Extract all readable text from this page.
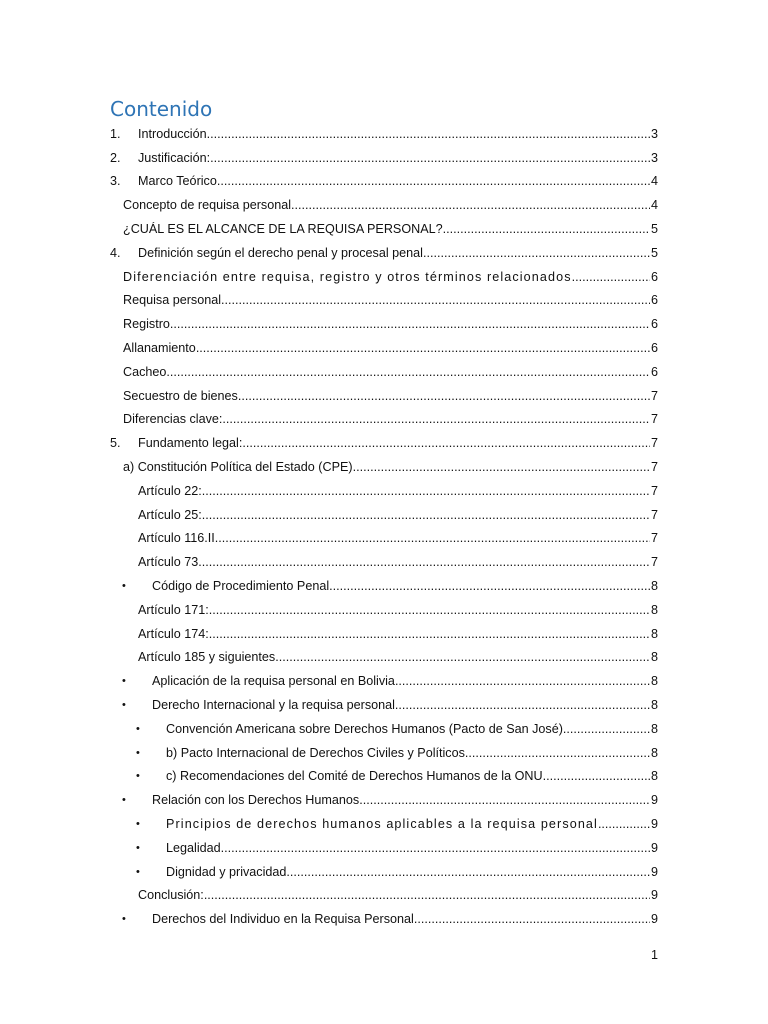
Contenido
1. Introducción .....	3
2. Justificación: .....	3
3. Marco Teórico .....	4
Concepto de requisa personal .....	4
¿CUÁL ES EL ALCANCE DE LA REQUISA PERSONAL? .....	5
4. Definición según el derecho penal y procesal penal .....	5
Diferenciación entre requisa, registro y otros términos relacionados .....	6
Requisa personal .....	6
Registro .....	6
Allanamiento .....	6
Cacheo .....	6
Secuestro de bienes .....	7
Diferencias clave: .....	7
5. Fundamento legal: .....	7
a) Constitución Política del Estado (CPE) .....	7
Artículo 22: .....	7
Artículo 25: .....	7
Artículo 116.II .....	7
Artículo 73 .....	7
• Código de Procedimiento Penal .....	8
Artículo 171: .....	8
Artículo 174: .....	8
Artículo 185 y siguientes .....	8
• Aplicación de la requisa personal en Bolivia .....	8
• Derecho Internacional y la requisa personal .....	8
• Convención Americana sobre Derechos Humanos (Pacto de San José) .....	8
• b) Pacto Internacional de Derechos Civiles y Políticos .....	8
• c) Recomendaciones del Comité de Derechos Humanos de la ONU .....	8
• Relación con los Derechos Humanos .....	9
• Principios de derechos humanos aplicables a la requisa personal .....	9
• Legalidad .....	9
• Dignidad y privacidad .....	9
Conclusión: .....	9
• Derechos del Individuo en la Requisa Personal .....	9
1
